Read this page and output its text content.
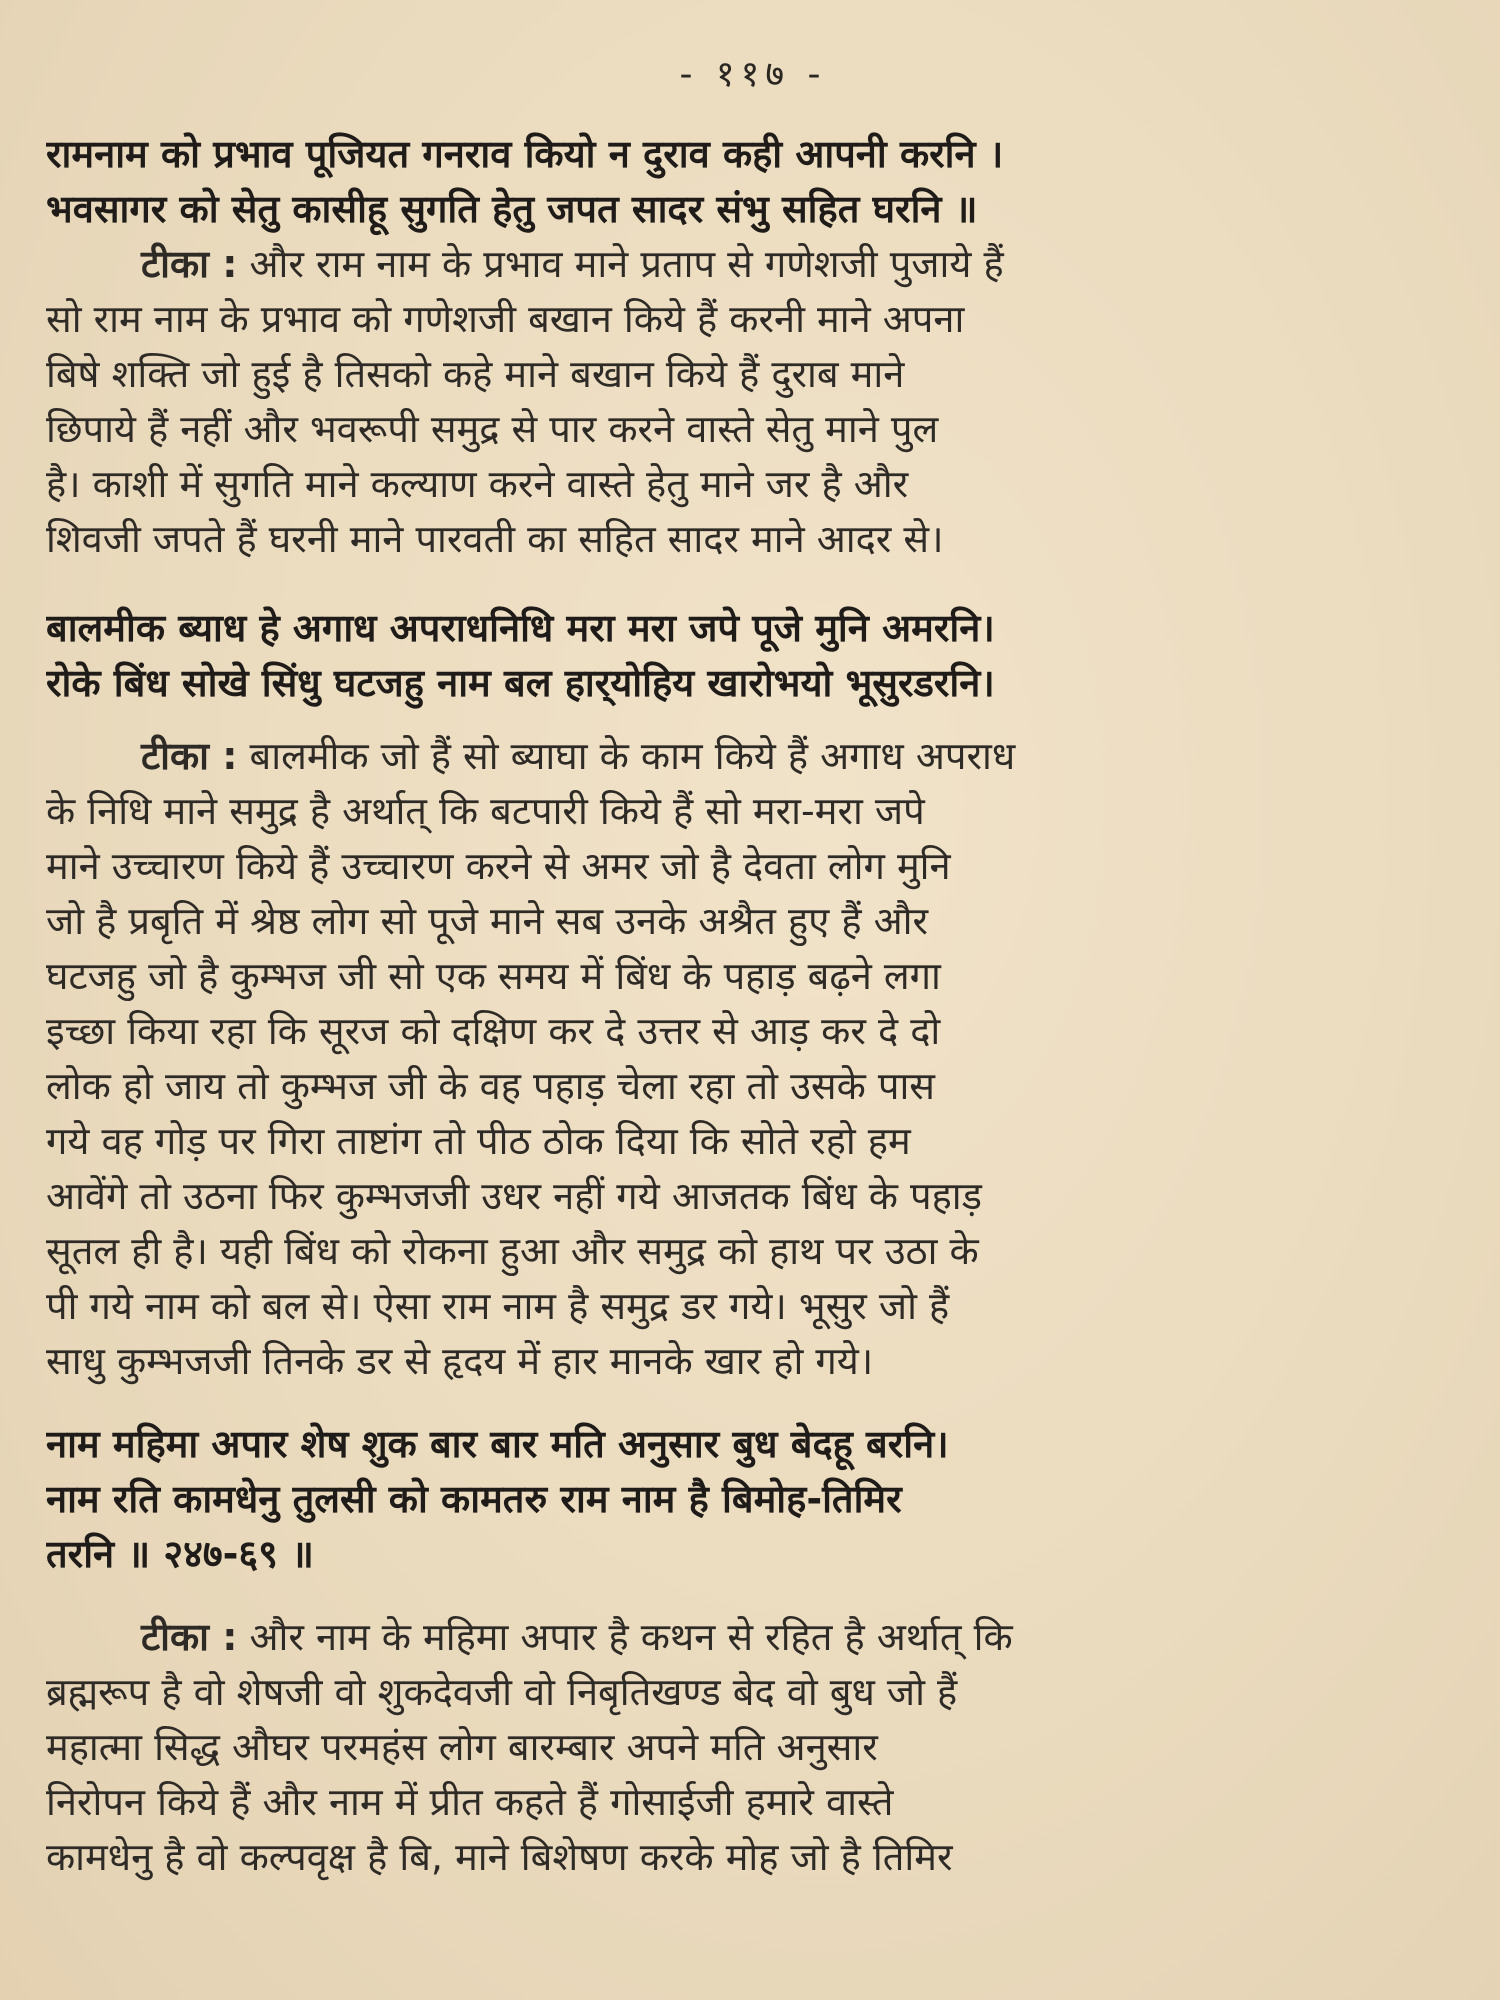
- ११७ -
रामनाम को प्रभाव पूजियत गनराव कियो न दुराव कही आपनी करनि ।
भवसागर को सेतु कासीहू सुगति हेतु जपत सादर संभु सहित घरनि ॥
टीका : और राम नाम के प्रभाव माने प्रताप से गणेशजी पुजाये हैं
सो राम नाम के प्रभाव को गणेशजी बखान किये हैं करनी माने अपना
बिषे शक्ति जो हुई है तिसको कहे माने बखान किये हैं दुराब माने
छिपाये हैं नहीं और भवरूपी समुद्र से पार करने वास्ते सेतु माने पुल
है। काशी में सुगति माने कल्याण करने वास्ते हेतु माने जर है और
शिवजी जपते हैं घरनी माने पारवती का सहित सादर माने आदर से।
बालमीक ब्याध हे अगाध अपराधनिधि मरा मरा जपे पूजे मुनि अमरनि।
रोके बिंध सोखे सिंधु घटजहु नाम बल हार्‌योहिय खारोभयो भूसुरडरनि।
टीका : बालमीक जो हैं सो ब्याघा के काम किये हैं अगाध अपराध
के निधि माने समुद्र है अर्थात् कि बटपारी किये हैं सो मरा-मरा जपे
माने उच्चारण किये हैं उच्चारण करने से अमर जो है देवता लोग मुनि
जो है प्रबृति में श्रेष्ठ लोग सो पूजे माने सब उनके अश्रैत हुए हैं और
घटजहु जो है कुम्भज जी सो एक समय में बिंध के पहाड़ बढ़ने लगा
इच्छा किया रहा कि सूरज को दक्षिण कर दे उत्तर से आड़ कर दे दो
लोक हो जाय तो कुम्भज जी के वह पहाड़ चेला रहा तो उसके पास
गये वह गोड़ पर गिरा ताष्टांग तो पीठ ठोक दिया कि सोते रहो हम
आवेंगे तो उठना फिर कुम्भजजी उधर नहीं गये आजतक बिंध के पहाड़
सूतल ही है। यही बिंध को रोकना हुआ और समुद्र को हाथ पर उठा के
पी गये नाम को बल से। ऐसा राम नाम है समुद्र डर गये। भूसुर जो हैं
साधु कुम्भजजी तिनके डर से हृदय में हार मानके खार हो गये।
नाम महिमा अपार शेष शुक बार बार मति अनुसार बुध बेदहू बरनि।
नाम रति कामधेनु तुलसी को कामतरु राम नाम है बिमोह-तिमिर
तरनि ॥ २४७-६९ ॥
टीका : और नाम के महिमा अपार है कथन से रहित है अर्थात् कि
ब्रह्मरूप है वो शेषजी वो शुकदेवजी वो निबृतिखण्ड बेद वो बुध जो हैं
महात्मा सिद्ध औघर परमहंस लोग बारम्बार अपने मति अनुसार
निरोपन किये हैं और नाम में प्रीत कहते हैं गोसाईजी हमारे वास्ते
कामधेनु है वो कल्पवृक्ष है बि, माने बिशेषण करके मोह जो है तिमिर
